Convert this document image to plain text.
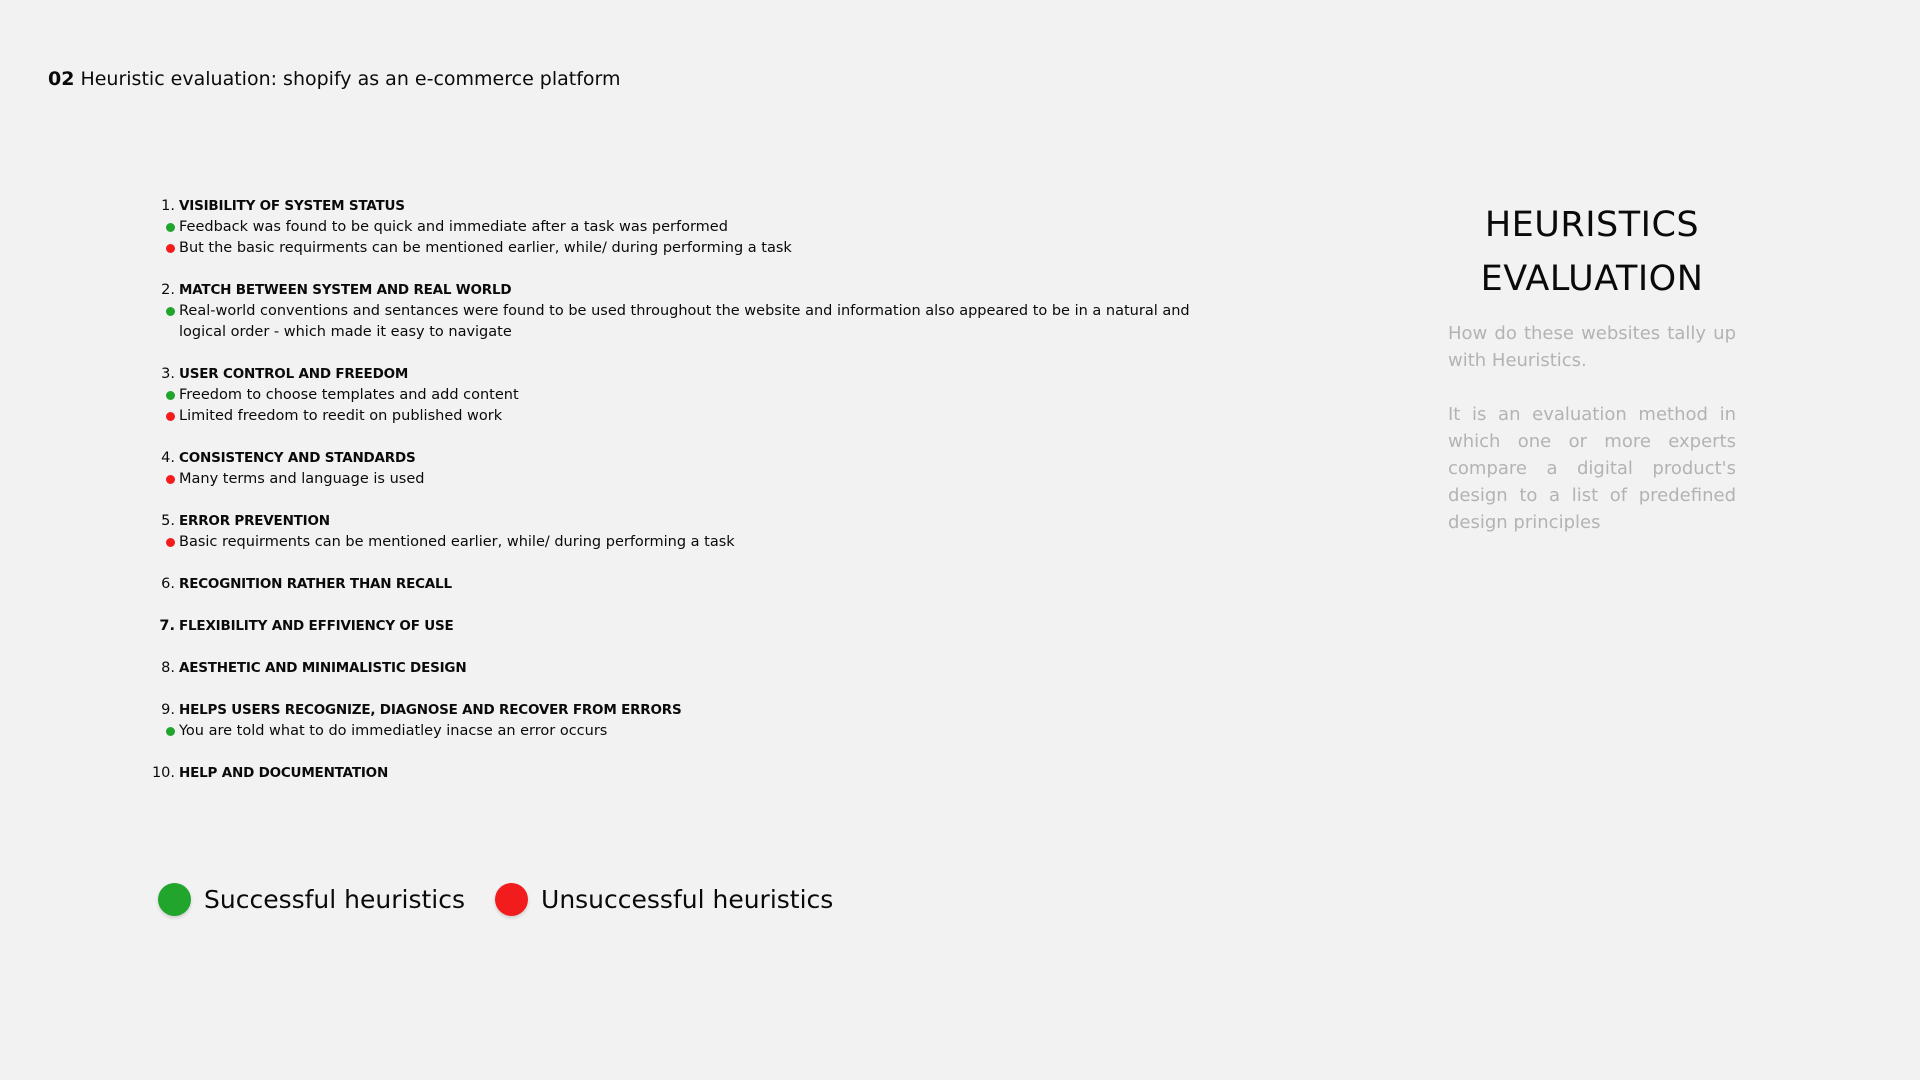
02 Heuristic evaluation: shopify as an e-commerce platform
1. VISIBILITY OF SYSTEM STATUS
Feedback was found to be quick and immediate after a task was performed
But the basic requirments can be mentioned earlier, while/ during performing a task
2. MATCH BETWEEN SYSTEM AND REAL WORLD
Real-world conventions and sentances were found to be used throughout the website and information also appeared to be in a natural and logical order - which made it easy to navigate
3. USER CONTROL AND FREEDOM
Freedom to choose templates and add content
Limited freedom to reedit on published work
4. CONSISTENCY AND STANDARDS
Many terms and language is used
5. ERROR PREVENTION
Basic requirments can be mentioned earlier, while/ during performing a task
6. RECOGNITION RATHER THAN RECALL
7. FLEXIBILITY AND EFFIVIENCY OF USE
8. AESTHETIC AND MINIMALISTIC DESIGN
9. HELPS USERS RECOGNIZE, DIAGNOSE AND RECOVER FROM ERRORS
You are told what to do immediatley inacse an error occurs
10. HELP AND DOCUMENTATION
Successful heuristics	Unsuccessful heuristics
HEURISTICS
EVALUATION

How do these websites tally up with Heuristics.

It is an evaluation method in which one or more experts compare a digital product's design to a list of predefined design principles
